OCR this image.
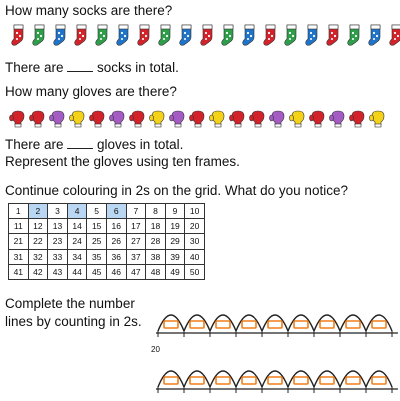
How many socks are there?
There are  socks in total.
How many gloves are there?
There are  gloves in total.
Represent the gloves using ten frames.
Continue colouring in 2s on the grid. What do you notice?
1	2	3	4	5	6	7	8	9	10
11	12	13	14	15	16	17	18	19	20
21	22	23	24	25	26	27	28	29	30
31	32	33	34	35	36	37	38	39	40
41	42	43	44	45	46	47	48	49	50
Complete the number
lines by counting in 2s.
20
